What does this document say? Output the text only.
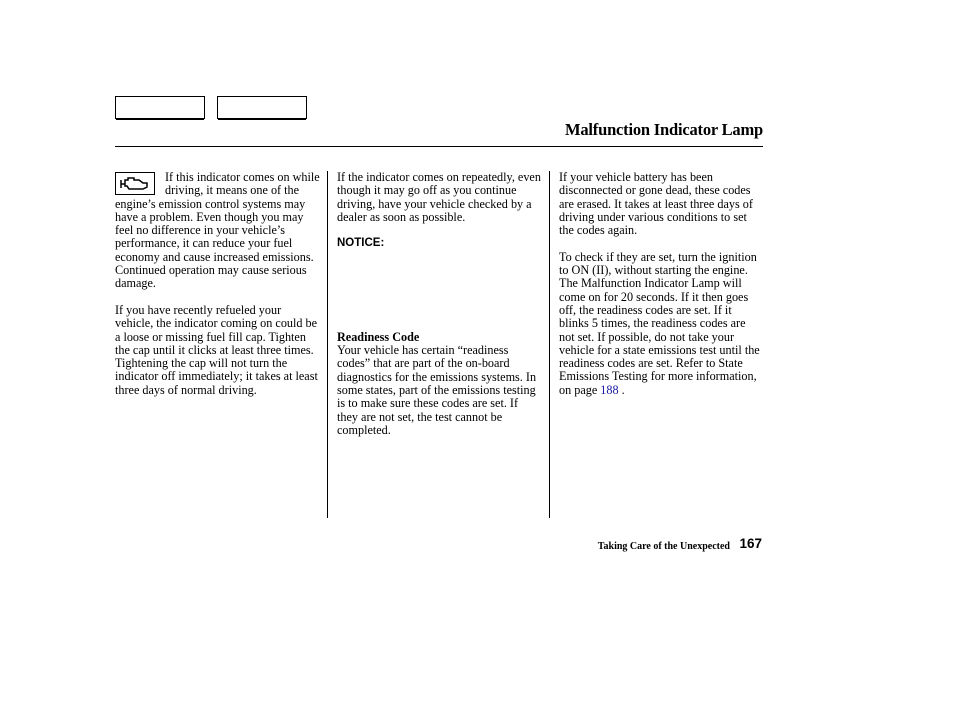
Malfunction Indicator Lamp

If this indicator comes on while driving, it means one of the engine’s emission control systems may have a problem. Even though you may feel no difference in your vehicle’s performance, it can reduce your fuel economy and cause increased emissions. Continued operation may cause serious damage.

If you have recently refueled your vehicle, the indicator coming on could be a loose or missing fuel fill cap. Tighten the cap until it clicks at least three times. Tightening the cap will not turn the indicator off immediately; it takes at least three days of normal driving.

If the indicator comes on repeatedly, even though it may go off as you continue driving, have your vehicle checked by a dealer as soon as possible.

NOTICE:

Readiness Code

Your vehicle has certain “readiness codes” that are part of the on-board diagnostics for the emissions systems. In some states, part of the emissions testing is to make sure these codes are set. If they are not set, the test cannot be completed.

If your vehicle battery has been disconnected or gone dead, these codes are erased. It takes at least three days of driving under various conditions to set the codes again.

To check if they are set, turn the ignition to ON (II), without starting the engine. The Malfunction Indicator Lamp will come on for 20 seconds. If it then goes off, the readiness codes are set. If it blinks 5 times, the readiness codes are not set. If possible, do not take your vehicle for a state emissions test until the readiness codes are set. Refer to State Emissions Testing for more information, on page 188 .

Taking Care of the Unexpected 167
